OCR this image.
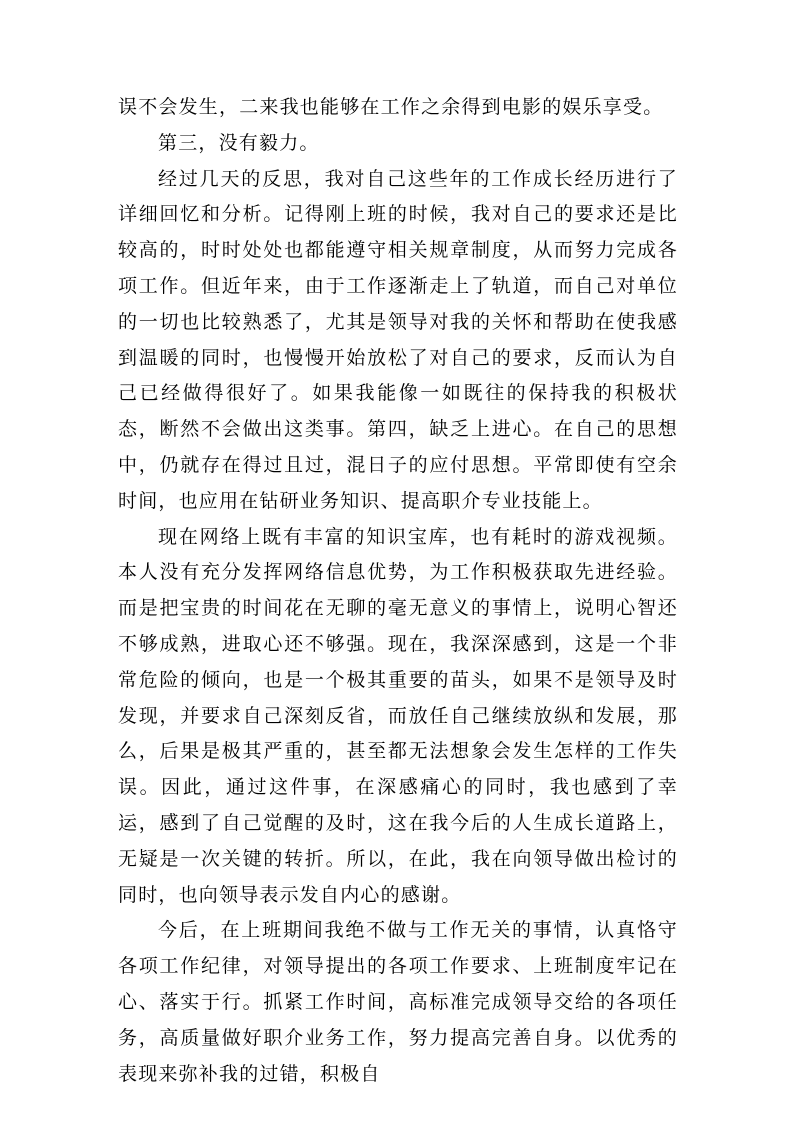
误不会发生，二来我也能够在工作之余得到电影的娱乐享受。

第三，没有毅力。

经过几天的反思，我对自己这些年的工作成长经历进行了详细回忆和分析。记得刚上班的时候，我对自己的要求还是比较高的，时时处处也都能遵守相关规章制度，从而努力完成各项工作。但近年来，由于工作逐渐走上了轨道，而自己对单位的一切也比较熟悉了，尤其是领导对我的关怀和帮助在使我感到温暖的同时，也慢慢开始放松了对自己的要求，反而认为自己已经做得很好了。如果我能像一如既往的保持我的积极状态，断然不会做出这类事。第四，缺乏上进心。在自己的思想中，仍就存在得过且过，混日子的应付思想。平常即使有空余时间，也应用在钻研业务知识、提高职介专业技能上。

现在网络上既有丰富的知识宝库，也有耗时的游戏视频。本人没有充分发挥网络信息优势，为工作积极获取先进经验。而是把宝贵的时间花在无聊的毫无意义的事情上，说明心智还不够成熟，进取心还不够强。现在，我深深感到，这是一个非常危险的倾向，也是一个极其重要的苗头，如果不是领导及时发现，并要求自己深刻反省，而放任自己继续放纵和发展，那么，后果是极其严重的，甚至都无法想象会发生怎样的工作失误。因此，通过这件事，在深感痛心的同时，我也感到了幸运，感到了自己觉醒的及时，这在我今后的人生成长道路上，无疑是一次关键的转折。所以，在此，我在向领导做出检讨的同时，也向领导表示发自内心的感谢。

今后，在上班期间我绝不做与工作无关的事情，认真恪守各项工作纪律，对领导提出的各项工作要求、上班制度牢记在心、落实于行。抓紧工作时间，高标准完成领导交给的各项任务，高质量做好职介业务工作，努力提高完善自身。以优秀的表现来弥补我的过错，积极自
